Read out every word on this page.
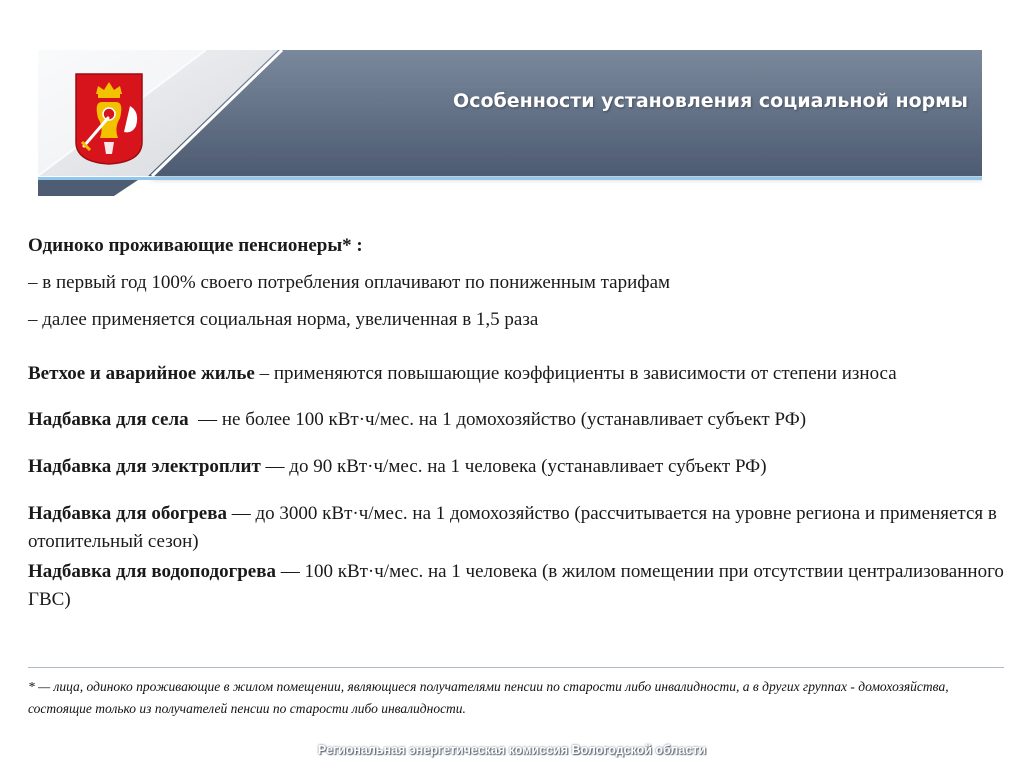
Особенности установления социальной нормы
Одиноко проживающие пенсионеры* :
– в первый год 100% своего потребления оплачивают по пониженным тарифам
– далее применяется социальная норма, увеличенная в 1,5 раза

Ветхое и аварийное жилье – применяются повышающие коэффициенты в зависимости от степени износа

Надбавка для села  — не более 100 кВт·ч/мес. на 1 домохозяйство (устанавливает субъект РФ)

Надбавка для электроплит — до 90 кВт·ч/мес. на 1 человека (устанавливает субъект РФ)

Надбавка для обогрева — до 3000 кВт·ч/мес. на 1 домохозяйство (рассчитывается на уровне региона и применяется в отопительный сезон)

Надбавка для водоподогрева — 100 кВт·ч/мес. на 1 человека (в жилом помещении при отсутствии централизованного ГВС)

* — лица, одиноко проживающие в жилом помещении, являющиеся получателями пенсии по старости либо инвалидности, а в других группах - домохозяйства, состоящие только из получателей пенсии по старости либо инвалидности.

Региональная энергетическая комиссия Вологодской области
